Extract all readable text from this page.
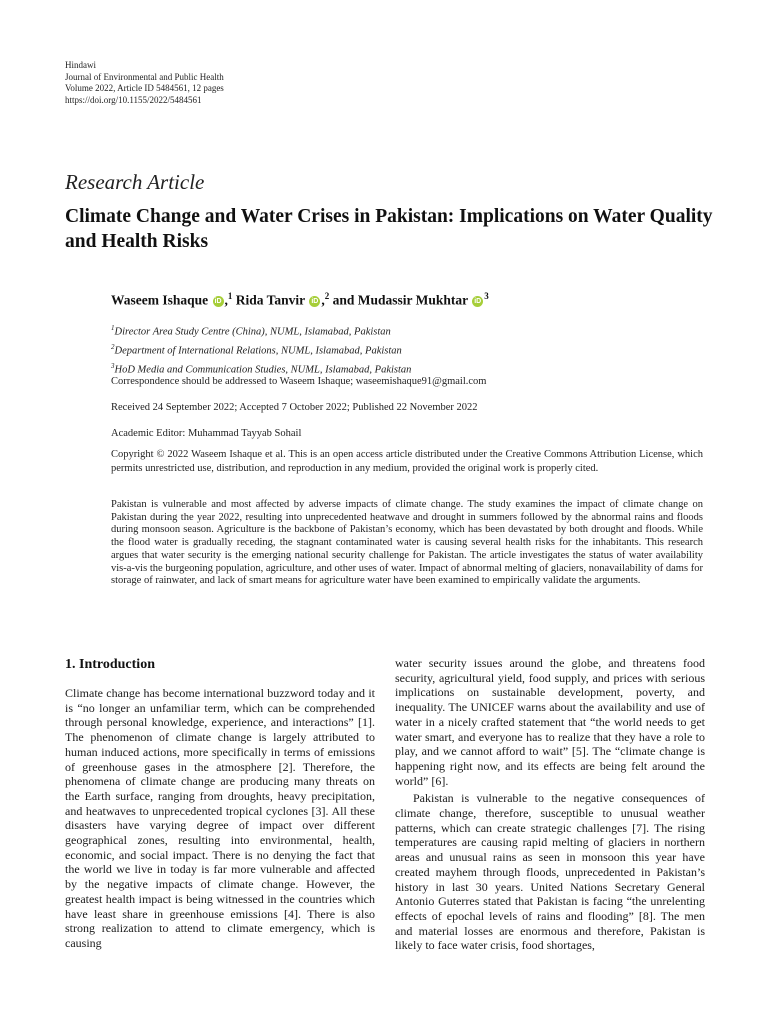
Hindawi
Journal of Environmental and Public Health
Volume 2022, Article ID 5484561, 12 pages
https://doi.org/10.1155/2022/5484561
Research Article
Climate Change and Water Crises in Pakistan: Implications on Water Quality and Health Risks
Waseem Ishaque iD ,$^1$ Rida Tanvir iD ,$^2$ and Mudassir Mukhtar $iD^3$
$^1$Director Area Study Centre (China), NUML, Islamabad, Pakistan
$^2$Department of International Relations, NUML, Islamabad, Pakistan
$^3$HoD Media and Communication Studies, NUML, Islamabad, Pakistan
Correspondence should be addressed to Waseem Ishaque; waseemishaque91@gmail.com
Received 24 September 2022; Accepted 7 October 2022; Published 22 November 2022
Academic Editor: Muhammad Tayyab Sohail
Copyright © 2022 Waseem Ishaque et al. This is an open access article distributed under the Creative Commons Attribution License, which permits unrestricted use, distribution, and reproduction in any medium, provided the original work is properly cited.
Pakistan is vulnerable and most affected by adverse impacts of climate change. The study examines the impact of climate change on Pakistan during the year 2022, resulting into unprecedented heatwave and drought in summers followed by the abnormal rains and floods during monsoon season. Agriculture is the backbone of Pakistan’s economy, which has been devastated by both drought and floods. While the flood water is gradually receding, the stagnant contaminated water is causing several health risks for the inhabitants. This research argues that water security is the emerging national security challenge for Pakistan. The article investigates the status of water availability vis-a-vis the burgeoning population, agriculture, and other uses of water. Impact of abnormal melting of glaciers, nonavailability of dams for storage of rainwater, and lack of smart means for agriculture water have been examined to empirically validate the arguments.
1. Introduction

Climate change has become international buzzword today and it is “no longer an unfamiliar term, which can be comprehended through personal knowledge, experience, and interactions” [1]. The phenomenon of climate change is largely attributed to human induced actions, more specifically in terms of emissions of greenhouse gases in the atmosphere [2]. Therefore, the phenomena of climate change are producing many threats on the Earth surface, ranging from droughts, heavy precipitation, and heatwaves to unprecedented tropical cyclones [3]. All these disasters have varying degree of impact over different geographical zones, resulting into environmental, health, economic, and social impact. There is no denying the fact that the world we live in today is far more vulnerable and affected by the negative impacts of climate change. However, the greatest health impact is being witnessed in the countries which have least share in greenhouse emissions [4]. There is also strong realization to attend to climate emergency, which is causing

water security issues around the globe, and threatens food security, agricultural yield, food supply, and prices with serious implications on sustainable development, poverty, and inequality. The UNICEF warns about the availability and use of water in a nicely crafted statement that “the world needs to get water smart, and everyone has to realize that they have a role to play, and we cannot afford to wait” [5]. The “climate change is happening right now, and its effects are being felt around the world” [6].

Pakistan is vulnerable to the negative consequences of climate change, therefore, susceptible to unusual weather patterns, which can create strategic challenges [7]. The rising temperatures are causing rapid melting of glaciers in northern areas and unusual rains as seen in monsoon this year have created mayhem through floods, unprecedented in Pakistan’s history in last 30 years. United Nations Secretary General Antonio Guterres stated that Pakistan is facing “the unrelenting effects of epochal levels of rains and flooding” [8]. The men and material losses are enormous and therefore, Pakistan is likely to face water crisis, food shortages,
